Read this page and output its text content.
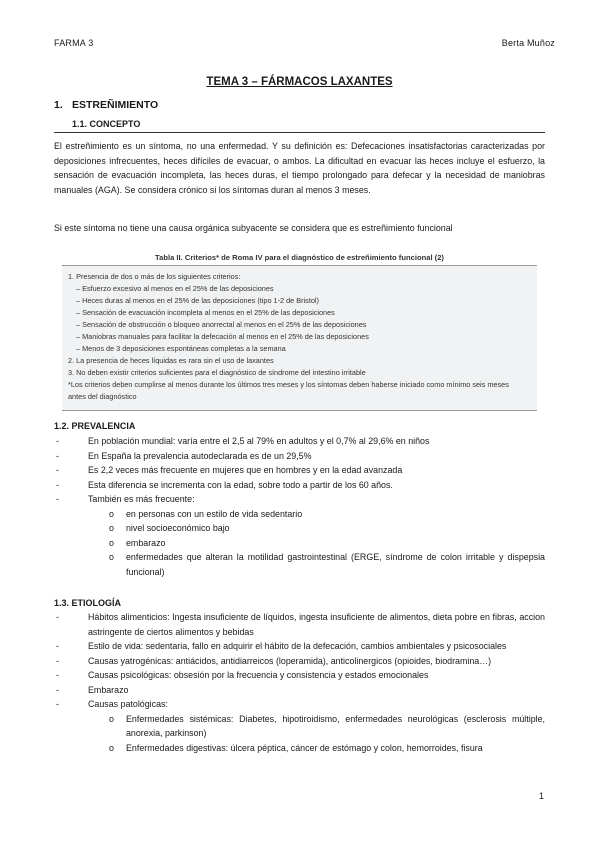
FARMA 3	Berta Muñoz
TEMA 3 – FÁRMACOS LAXANTES
1. ESTREÑIMIENTO
1.1. CONCEPTO

El estreñimiento es un síntoma, no una enfermedad. Y su definición es: Defecaciones insatisfactorias caracterizadas por deposiciones infrecuentes, heces difíciles de evacuar, o ambos. La dificultad en evacuar las heces incluye el esfuerzo, la sensación de evacuación incompleta, las heces duras, el tiempo prolongado para defecar y la necesidad de maniobras manuales (AGA). Se considera crónico si los síntomas duran al menos 3 meses.

Si este síntoma no tiene una causa orgánica subyacente se considera que es estreñimiento funcional

Tabla II. Criterios* de Roma IV para el diagnóstico de estreñimiento funcional (2)
1. Presencia de dos o más de los siguientes criterios:
– Esfuerzo excesivo al menos en el 25% de las deposiciones
– Heces duras al menos en el 25% de las deposiciones (tipo 1-2 de Bristol)
– Sensación de evacuación incompleta al menos en el 25% de las deposiciones
– Sensación de obstrucción o bloqueo anorrectal al menos en el 25% de las deposiciones
– Maniobras manuales para facilitar la defecación al menos en el 25% de las deposiciones
– Menos de 3 deposiciones espontáneas completas a la semana
2. La presencia de heces líquidas es rara sin el uso de laxantes
3. No deben existir criterios suficientes para el diagnóstico de síndrome del intestino irritable
*Los criterios deben cumplirse al menos durante los últimos tres meses y los síntomas deben haberse iniciado como mínimo seis meses
antes del diagnóstico
1.2. PREVALENCIA
-	En población mundial: varía entre el 2,5 al 79% en adultos y el 0,7% al 29,6% en niños
-	En España la prevalencia autodeclarada es de un 29,5%
-	Es 2,2 veces más frecuente en mujeres que en hombres y en la edad avanzada
-	Esta diferencia se incrementa con la edad, sobre todo a partir de los 60 años.
-	También es más frecuente:
o en personas con un estilo de vida sedentario
o nivel socioeconómico bajo
o embarazo
o enfermedades que alteran la motilidad gastrointestinal (ERGE, síndrome de colon irritable y dispepsia funcional)
1.3. ETIOLOGÍA
-	Hábitos alimenticios: Ingesta insuficiente de líquidos, ingesta insuficiente de alimentos, dieta pobre en fibras, accion astringente de ciertos alimentos y bebidas
-	Estilo de vida: sedentaria, fallo en adquirir el hábito de la defecación, cambios ambientales y psicosociales
-	Causas yatrogénicas: antiácidos, antidiarreicos (loperamida), anticolinergicos (opioides, biodramina…)
-	Causas psicológicas: obsesión por la frecuencia y consistencia y estados emocionales
-	Embarazo
-	Causas patológicas:
o Enfermedades sistémicas: Diabetes, hipotiroidismo, enfermedades neurológicas (esclerosis múltiple, anorexia, parkinson)
o Enfermedades digestivas: úlcera péptica, cáncer de estómago y colon, hemorroides, fisura
1
